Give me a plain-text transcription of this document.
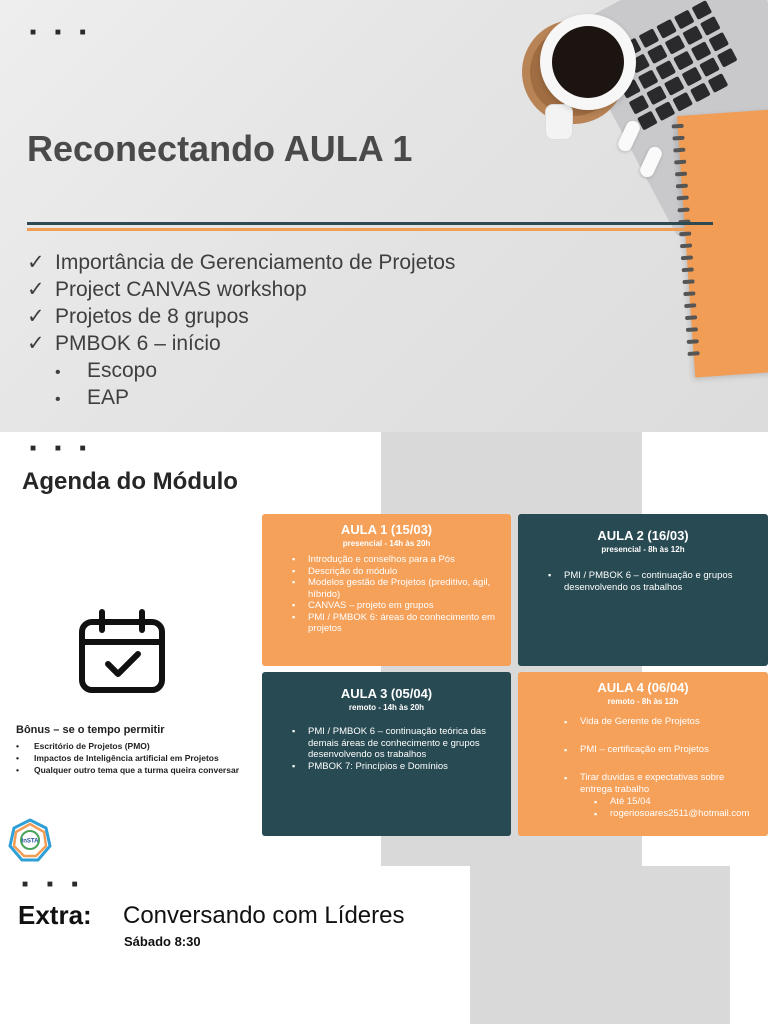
■ ■ ■
Reconectando AULA 1
✓ Importância de Gerenciamento de Projetos
✓ Project CANVAS workshop
✓ Projetos de 8 grupos
✓ PMBOK 6 – início
• Escopo
• EAP
■ ■ ■
Agenda do Módulo
AULA 1 (15/03)
presencial - 14h às 20h
▪ Introdução e conselhos para a Pós
▪ Descrição do módulo
▪ Modelos gestão de Projetos (preditivo, ágil, híbrido)
▪ CANVAS – projeto em grupos
▪ PMI / PMBOK 6: áreas do conhecimento em projetos
AULA 2 (16/03)
presencial - 8h às 12h
▪ PMI / PMBOK 6 – continuação e grupos desenvolvendo os trabalhos
AULA 3 (05/04)
remoto - 14h às 20h
▪ PMI / PMBOK 6 – continuação teórica das demais áreas de conhecimento e grupos desenvolvendo os trabalhos
▪ PMBOK 7: Princípios e Domínios
AULA 4 (06/04)
remoto - 8h às 12h
▪ Vida de Gerente de Projetos
▪ PMI – certificação em Projetos
▪ Tirar duvidas e expectativas sobre entrega trabalho
▪ Até 15/04
▪ rogeriosoares2511@hotmail.com
Bônus – se o tempo permitir
• Escritório de Projetos (PMO)
• Impactos de Inteligência artificial em Projetos
• Qualquer outro tema que a turma queira conversar
InSTA
■ ■ ■
Extra: Conversando com Líderes
Sábado 8:30
